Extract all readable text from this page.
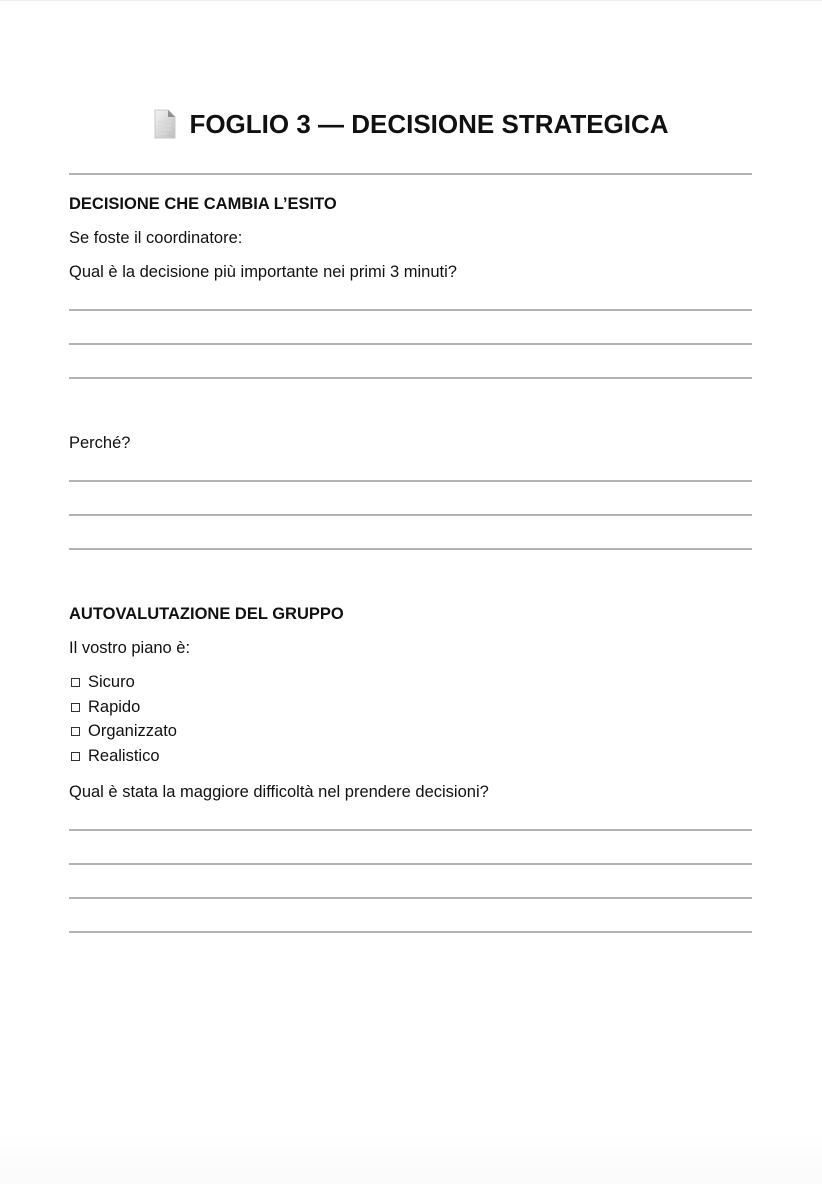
FOGLIO 3 — DECISIONE STRATEGICA
DECISIONE CHE CAMBIA L’ESITO
Se foste il coordinatore:
Qual è la decisione più importante nei primi 3 minuti?
Perché?
AUTOVALUTAZIONE DEL GRUPPO
Il vostro piano è:
Sicuro
Rapido
Organizzato
Realistico
Qual è stata la maggiore difficoltà nel prendere decisioni?
